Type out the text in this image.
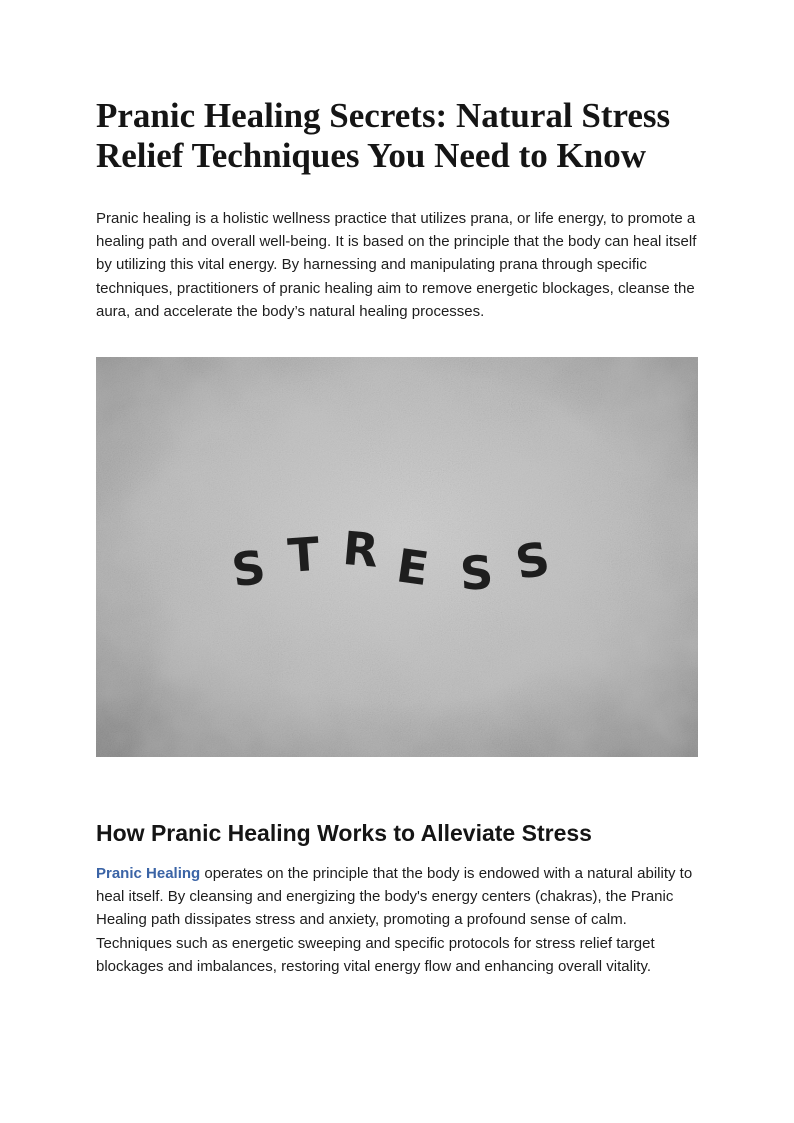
Pranic Healing Secrets: Natural Stress
Relief Techniques You Need to Know

Pranic healing is a holistic wellness practice that utilizes prana, or life energy, to promote a healing path and overall well-being. It is based on the principle that the body can heal itself by utilizing this vital energy. By harnessing and manipulating prana through specific techniques, practitioners of pranic healing aim to remove energetic blockages, cleanse the aura, and accelerate the body’s natural healing processes.

S T R E S S
How Pranic Healing Works to Alleviate Stress

Pranic Healing operates on the principle that the body is endowed with a natural ability to heal itself. By cleansing and energizing the body's energy centers (chakras), the Pranic Healing path dissipates stress and anxiety, promoting a profound sense of calm. Techniques such as energetic sweeping and specific protocols for stress relief target blockages and imbalances, restoring vital energy flow and enhancing overall vitality.
